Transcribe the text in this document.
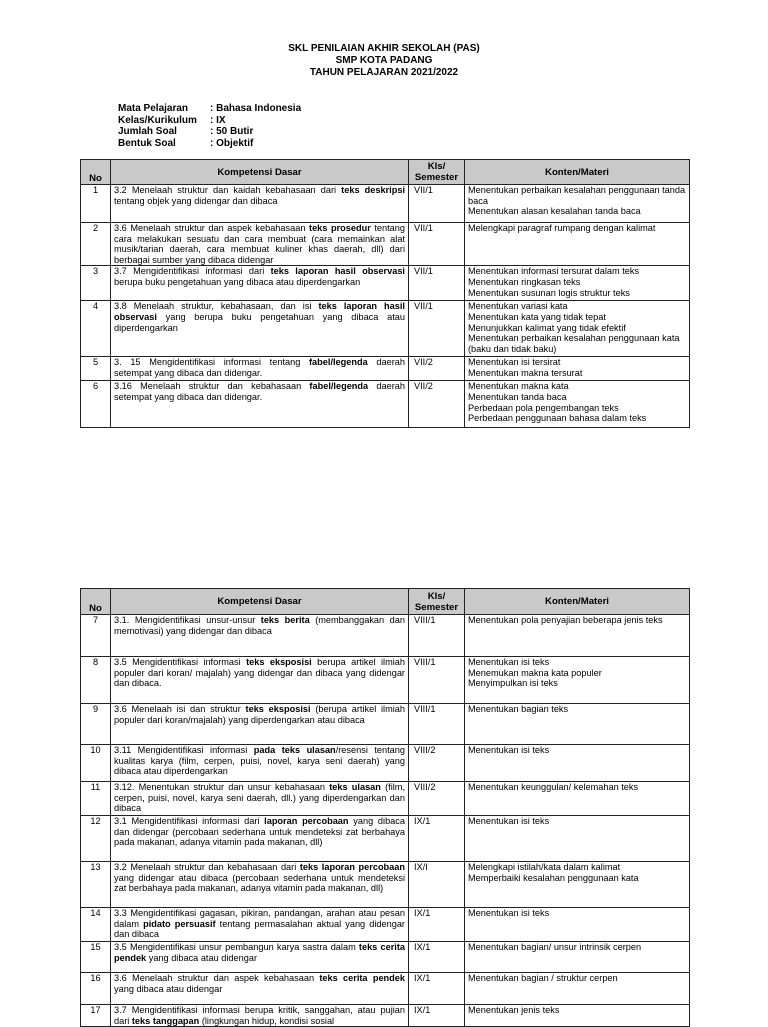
SKL PENILAIAN AKHIR SEKOLAH (PAS)
SMP KOTA PADANG
TAHUN PELAJARAN 2021/2022
Mata Pelajaran	: Bahasa Indonesia
Kelas/Kurikulum	: IX
Jumlah Soal	: 50 Butir
Bentuk Soal	: Objektif
No	Kompetensi Dasar	Kls/ Semester	Konten/Materi
1	3.2 Menelaah struktur dan kaidah kebahasaan dari teks deskripsi tentang objek yang didengar dan dibaca	VII/1	Menentukan perbaikan kesalahan penggunaan tanda baca
Menentukan alasan kesalahan tanda baca

2	3.6 Menelaah struktur dan aspek kebahasaan teks prosedur tentang cara melakukan sesuatu dan cara membuat (cara memainkan alat musik/tarian daerah, cara membuat kuliner khas daerah, dll) dari berbagai sumber yang dibaca didengar	VII/1	Melengkapi paragraf rumpang dengan kalimat

3	3.7 Mengidentifikasi informasi dari teks laporan hasil observasi berupa buku pengetahuan yang dibaca atau diperdengarkan	VII/1	Menentukan informasi tersurat dalam teks
Menentukan ringkasan teks
Menentukan susunan logis struktur teks

4	3.8 Menelaah struktur, kebahasaan, dan isi teks laporan hasil observasi yang berupa buku pengetahuan yang dibaca atau diperdengarkan	VII/1	Menentukan variasi kata
Menentukan kata yang tidak tepat
Menunjukkan kalimat yang tidak efektif
Menentukan perbaikan kesalahan penggunaan kata (baku dan tidak baku)

5	3. 15 Mengidentifikasi informasi tentang fabel/legenda daerah setempat yang dibaca dan didengar.	VII/2	Menentukan isi tersirat
Menentukan makna tersurat

6	3.16 Menelaah struktur dan kebahasaan fabel/legenda daerah setempat yang dibaca dan didengar.	VII/2	Menentukan makna kata
Menentukan tanda baca
Perbedaan pola pengembangan teks
Perbedaan penggunaan bahasa dalam teks
No	Kompetensi Dasar	Kls/ Semester	Konten/Materi
7	3.1. Mengidentifikasi unsur-unsur teks berita (membanggakan dan memotivasi) yang didengar dan dibaca	VIII/1	Menentukan pola penyajian beberapa jenis teks

8	3.5 Mengidentifikasi informasi teks eksposisi berupa artikel ilmiah populer dari koran/ majalah) yang didengar dan dibaca yang didengar dan dibaca.	VIII/1	Menentukan isi teks
Menemukan makna kata populer
Menyimpulkan isi teks

9	3.6 Menelaah isi dan struktur teks eksposisi (berupa artikel ilmiah populer dari koran/majalah) yang diperdengarkan atau dibaca	VIII/1	Menentukan bagian teks

10	3.11 Mengidentifikasi informasi pada teks ulasan/resensi tentang kualitas karya (film, cerpen, puisi, novel, karya seni daerah) yang dibaca atau diperdengarkan	VIII/2	Menentukan isi teks

11	3.12. Menentukan struktur dan unsur kebahasaan teks ulasan (film, cerpen, puisi, novel, karya seni daerah, dll.) yang diperdengarkan dan dibaca	VIII/2	Menentukan keunggulan/ kelemahan teks

12	3.1 Mengidentifikasi informasi dari laporan percobaan yang dibaca dan didengar (percobaan sederhana untuk mendeteksi zat berbahaya pada makanan, adanya vitamin pada makanan, dll)	IX/1	Menentukan isi teks

13	3.2 Menelaah struktur dan kebahasaan dari teks laporan percobaan yang didengar atau dibaca (percobaan sederhana untuk mendeteksi zat berbahaya pada makanan, adanya vitamin pada makanan, dll)	IX/I	Melengkapi istilah/kata dalam kalimat
Memperbaiki kesalahan penggunaan kata

14	3.3 Mengidentifikasi gagasan, pikiran, pandangan, arahan atau pesan dalam pidato persuasif tentang permasalahan aktual yang didengar dan dibaca	IX/1	Menentukan isi teks

15	3.5 Mengidentifikasi unsur pembangun karya sastra dalam teks cerita pendek yang dibaca atau didengar	IX/1	Menentukan bagian/ unsur intrinsik cerpen

16	3.6 Menelaah struktur dan aspek kebahasaan teks cerita pendek yang dibaca atau didengar	IX/1	Menentukan bagian / struktur cerpen

17	3.7 Mengidentifikasi informasi berupa kritik, sanggahan, atau pujian dari teks tanggapan (lingkungan hidup, kondisi sosial	IX/1	Menentukan jenis teks
